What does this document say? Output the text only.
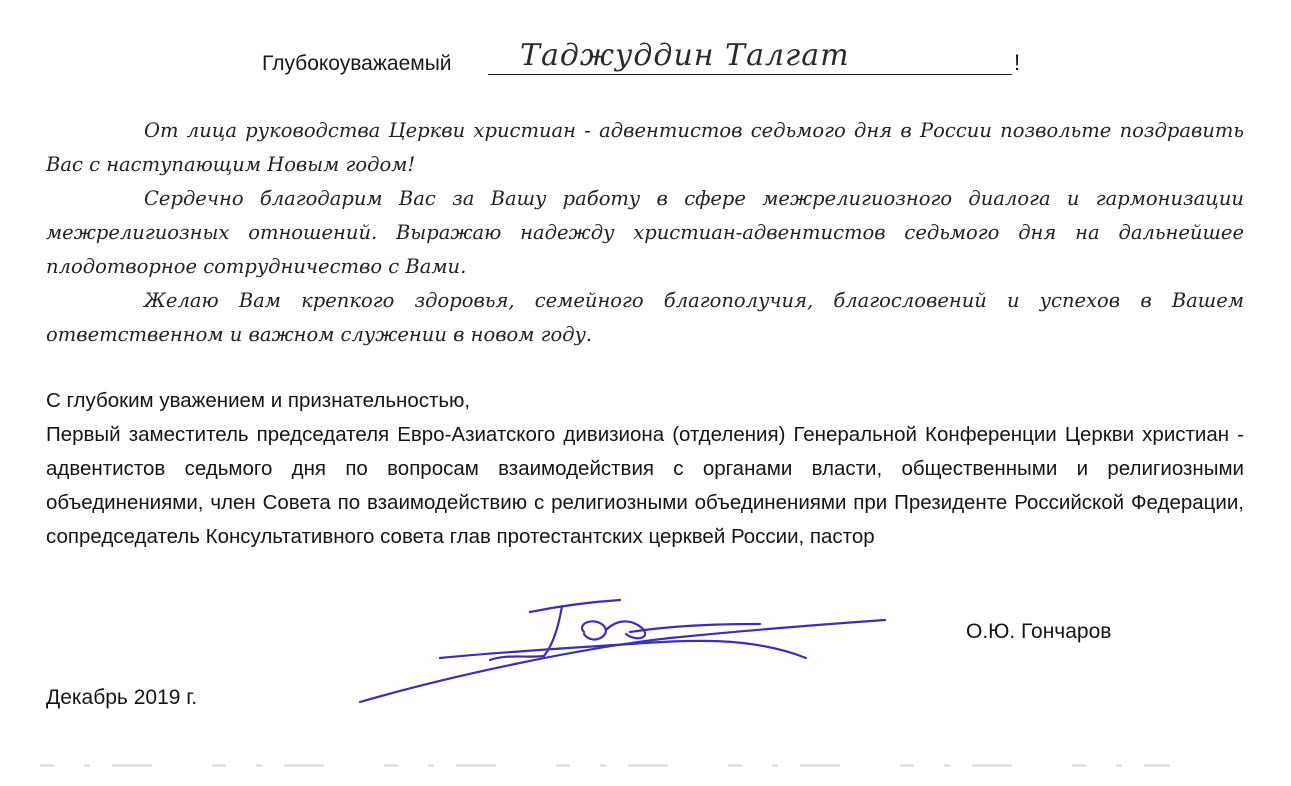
Глубокоуважаемый Таджуддин Талгат	!

От лица руководства Церкви христиан - адвентистов седьмого дня в России позвольте поздравить Вас с наступающим Новым годом!

Сердечно благодарим Вас за Вашу работу в сфере межрелигиозного диалога и гармонизации межрелигиозных отношений. Выражаю надежду христиан-адвентистов седьмого дня на дальнейшее плодотворное сотрудничество с Вами.

Желаю Вам крепкого здоровья, семейного благополучия, благословений и успехов в Вашем ответственном и важном служении в новом году.

С глубоким уважением и признательностью,

Первый заместитель председателя Евро-Азиатского дивизиона (отделения) Генеральной Конференции Церкви христиан - адвентистов седьмого дня по вопросам взаимодействия с органами власти, общественными и религиозными объединениями, член Совета по взаимодействию с религиозными объединениями при Президенте Российской Федерации, сопредседатель Консультативного совета глав протестантских церквей России, пастор

О.Ю. Гончаров
Декабрь 2019 г.
